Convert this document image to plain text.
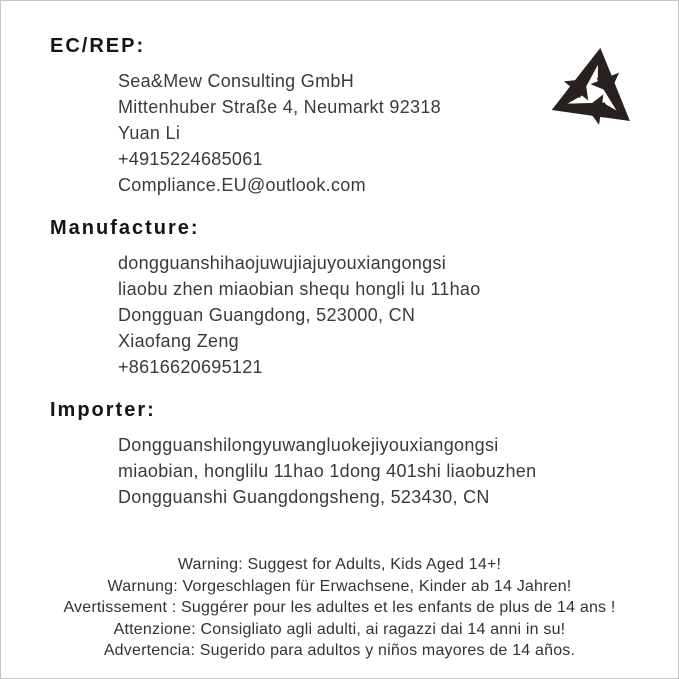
EC/REP:
Sea&Mew Consulting GmbH
Mittenhuber Straße 4, Neumarkt 92318
Yuan Li
+4915224685061
Compliance.EU@outlook.com
Manufacture:
dongguanshihaojuwujiajuyouxiangongsi
liaobu zhen miaobian shequ hongli lu 11hao
Dongguan Guangdong, 523000, CN
Xiaofang Zeng
+8616620695121
Importer:
Dongguanshilongyuwangluokejiyouxiangongsi
miaobian, honglilu 11hao 1dong 401shi liaobuzhen
Dongguanshi Guangdongsheng, 523430, CN
Warning: Suggest for Adults, Kids Aged 14+!
Warnung: Vorgeschlagen für Erwachsene, Kinder ab 14 Jahren!
Avertissement : Suggérer pour les adultes et les enfants de plus de 14 ans !
Attenzione: Consigliato agli adulti, ai ragazzi dai 14 anni in su!
Advertencia: Sugerido para adultos y niños mayores de 14 años.
